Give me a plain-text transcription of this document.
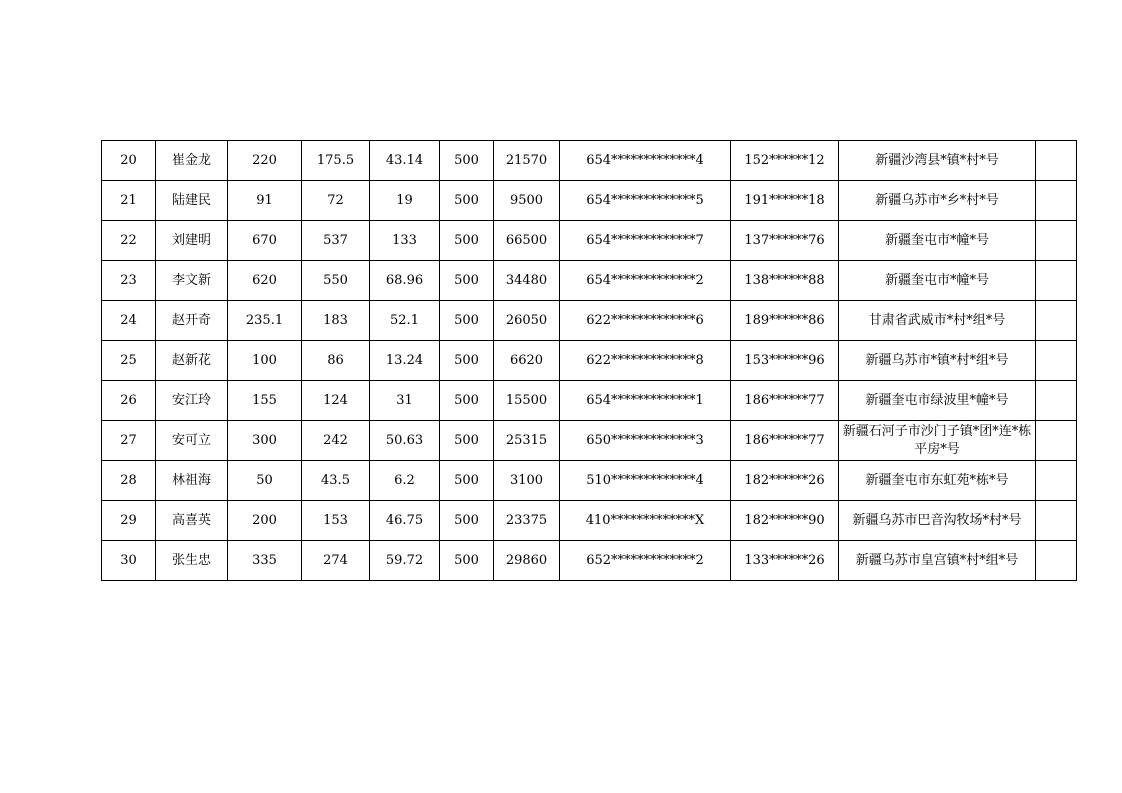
20	崔金龙	220	175.5	43.14	500	21570	654*************4	152******12	新疆沙湾县*镇*村*号	
21	陆建民	91	72	19	500	9500	654*************5	191******18	新疆乌苏市*乡*村*号	
22	刘建明	670	537	133	500	66500	654*************7	137******76	新疆奎屯市*幢*号	
23	李文新	620	550	68.96	500	34480	654*************2	138******88	新疆奎屯市*幢*号	
24	赵开奇	235.1	183	52.1	500	26050	622*************6	189******86	甘肃省武威市*村*组*号	
25	赵新花	100	86	13.24	500	6620	622*************8	153******96	新疆乌苏市*镇*村*组*号	
26	安江玲	155	124	31	500	15500	654*************1	186******77	新疆奎屯市绿波里*幢*号	
27	安可立	300	242	50.63	500	25315	650*************3	186******77	新疆石河子市沙门子镇*团*连*栋平房*号	
28	林祖海	50	43.5	6.2	500	3100	510*************4	182******26	新疆奎屯市东虹苑*栋*号	
29	高喜英	200	153	46.75	500	23375	410*************X	182******90	新疆乌苏市巴音沟牧场*村*号	
30	张生忠	335	274	59.72	500	29860	652*************2	133******26	新疆乌苏市皇宫镇*村*组*号	
